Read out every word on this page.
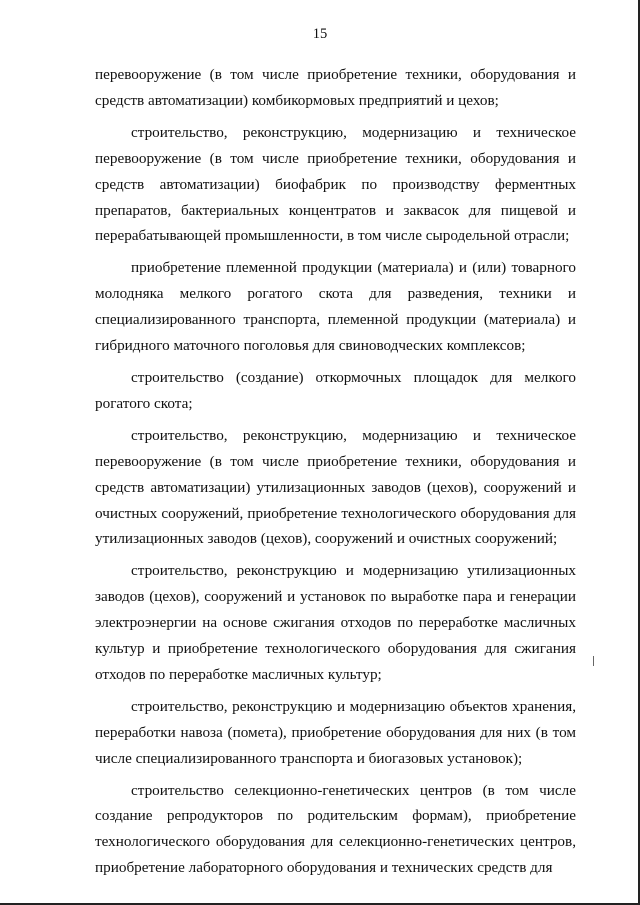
15

перевооружение (в том числе приобретение техники, оборудования и средств автоматизации) комбикормовых предприятий и цехов;

строительство, реконструкцию, модернизацию и техническое перевооружение (в том числе приобретение техники, оборудования и средств автоматизации) биофабрик по производству ферментных препаратов, бактериальных концентратов и заквасок для пищевой и перерабатывающей промышленности, в том числе сыродельной отрасли;

приобретение племенной продукции (материала) и (или) товарного молодняка мелкого рогатого скота для разведения, техники и специализированного транспорта, племенной продукции (материала) и гибридного маточного поголовья для свиноводческих комплексов;

строительство (создание) откормочных площадок для мелкого рогатого скота;

строительство, реконструкцию, модернизацию и техническое перевооружение (в том числе приобретение техники, оборудования и средств автоматизации) утилизационных заводов (цехов), сооружений и очистных сооружений, приобретение технологического оборудования для утилизационных заводов (цехов), сооружений и очистных сооружений;

строительство, реконструкцию и модернизацию утилизационных заводов (цехов), сооружений и установок по выработке пара и генерации электроэнергии на основе сжигания отходов по переработке масличных культур и приобретение технологического оборудования для сжигания отходов по переработке масличных культур;

строительство, реконструкцию и модернизацию объектов хранения, переработки навоза (помета), приобретение оборудования для них (в том числе специализированного транспорта и биогазовых установок);

строительство селекционно-генетических центров (в том числе создание репродукторов по родительским формам), приобретение технологического оборудования для селекционно-генетических центров, приобретение лабораторного оборудования и технических средств для
